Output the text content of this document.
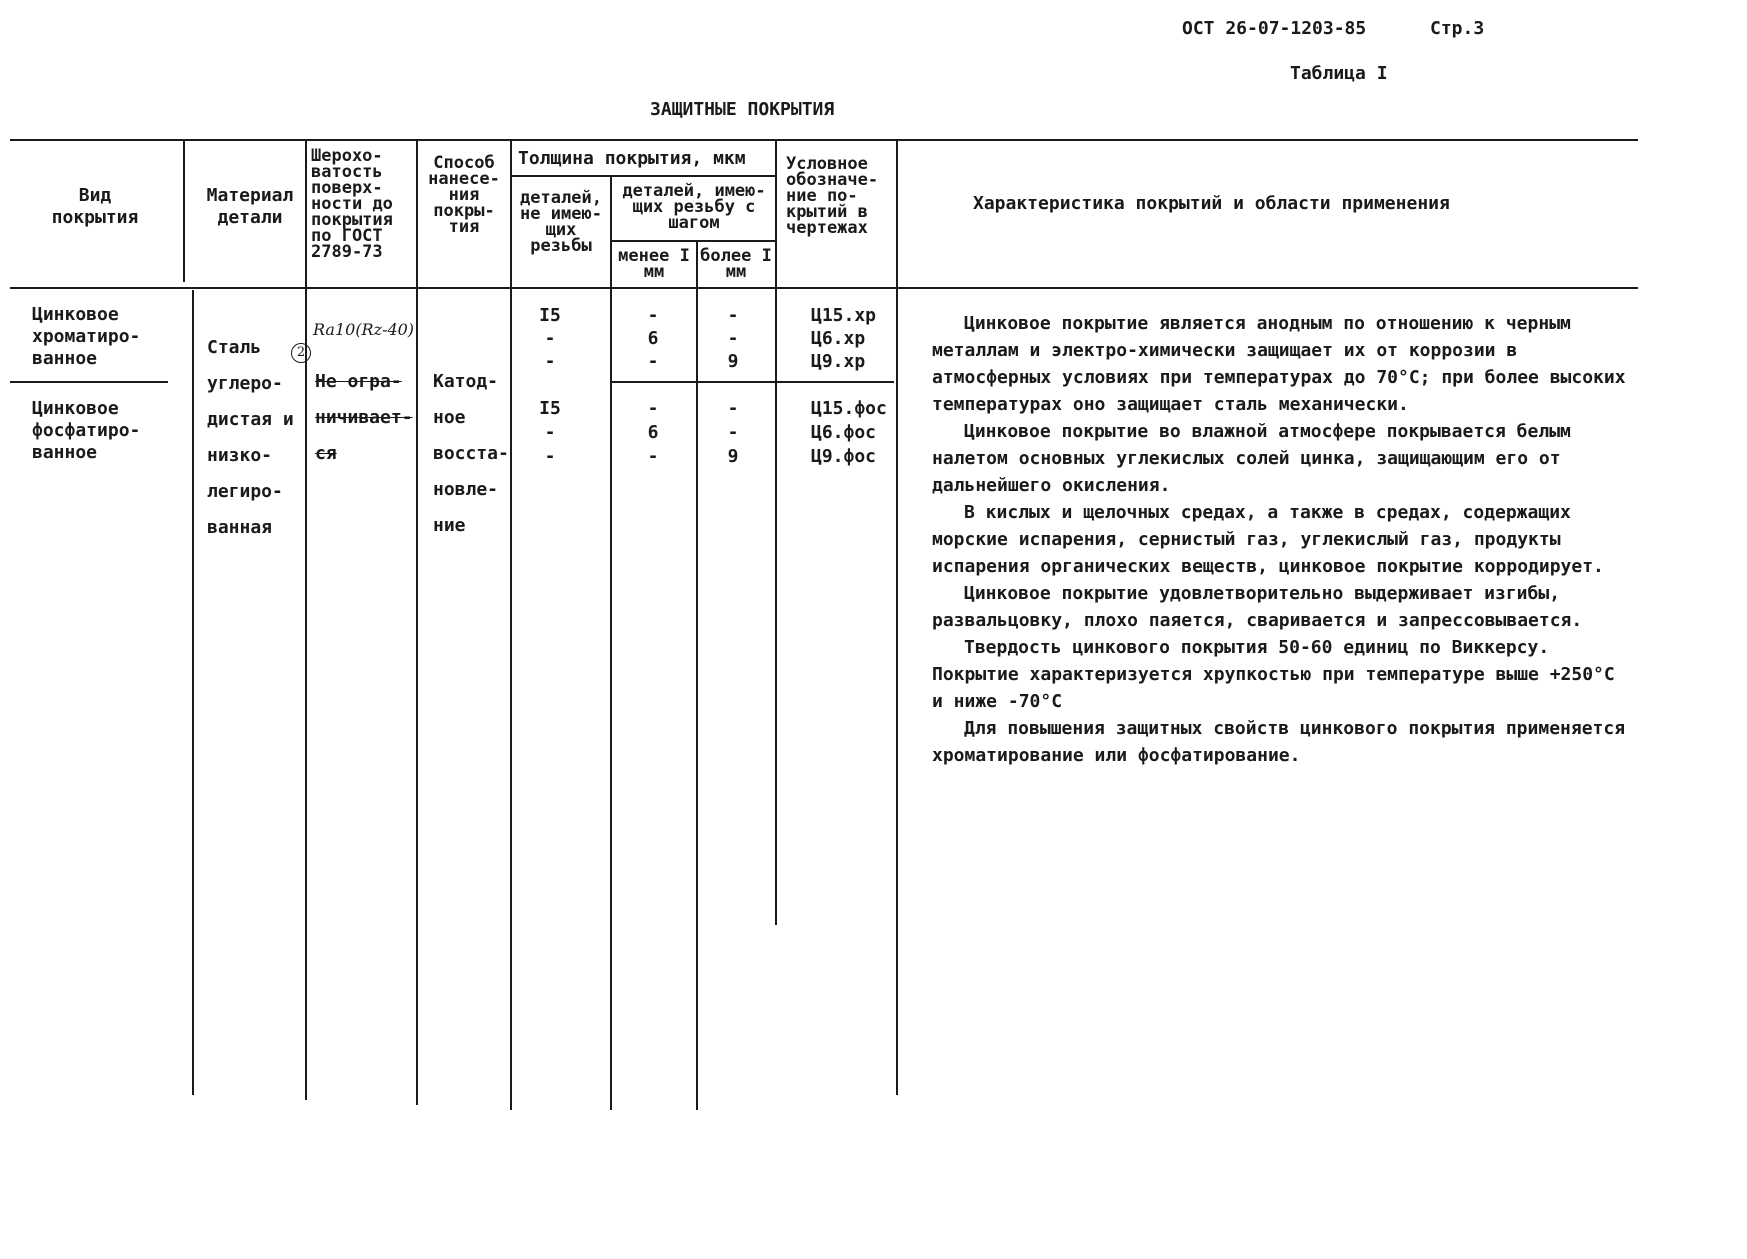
ОСТ 26-07-1203-85	Стр.3
Таблица I
ЗАЩИТНЫЕ ПОКРЫТИЯ
Вид покрытия
Материал детали
Шерохо- ватость поверх- ности до покрытия по ГОСТ 2789-73
Способ нанесе- ния покры- тия
Толщина покрытия, мкм
деталей, не имею- щих резьбы
деталей, имею- щих резьбу с шагом
менее I мм
более I мм
Условное обозначе- ние по- крытий в чертежах
Характеристика покрытий и области применения
Цинковое хроматиро- ванное
I5
-
-
-
6
-
-
-
9
Ц15.хр
Ц6.хр
Ц9.хр
Цинковое фосфатиро- ванное
I5
-
-
-
6
-
-
-
9
Ц15.фос
Ц6.фос
Ц9.фос
Сталь углеро- дистая и низко- легиро- ванная
Ra10(Rz-40)
2
Не огра- ничивает- ся
Катод- ное восста- новле- ние

Цинковое покрытие является анодным по отношению к черным металлам и электро-химически защищает их от коррозии в атмосферных условиях при температурах до 70°С; при более высоких температурах оно защищает сталь механически.

Цинковое покрытие во влажной атмосфере покрывается белым налетом основных углекислых солей цинка, защищающим его от дальнейшего окисления.

В кислых и щелочных средах, а также в средах, содержащих морские испарения, сернистый газ, углекислый газ, продукты испарения органических веществ, цинковое покрытие корродирует.

Цинковое покрытие удовлетворительно выдерживает изгибы, развальцовку, плохо паяется, сваривается и запрессовывается.

Твердость цинкового покрытия 50-60 единиц по Виккерсу. Покрытие характеризуется хрупкостью при температуре выше +250°С и ниже -70°С

Для повышения защитных свойств цинкового покрытия применяется хроматирование или фосфатирование.
